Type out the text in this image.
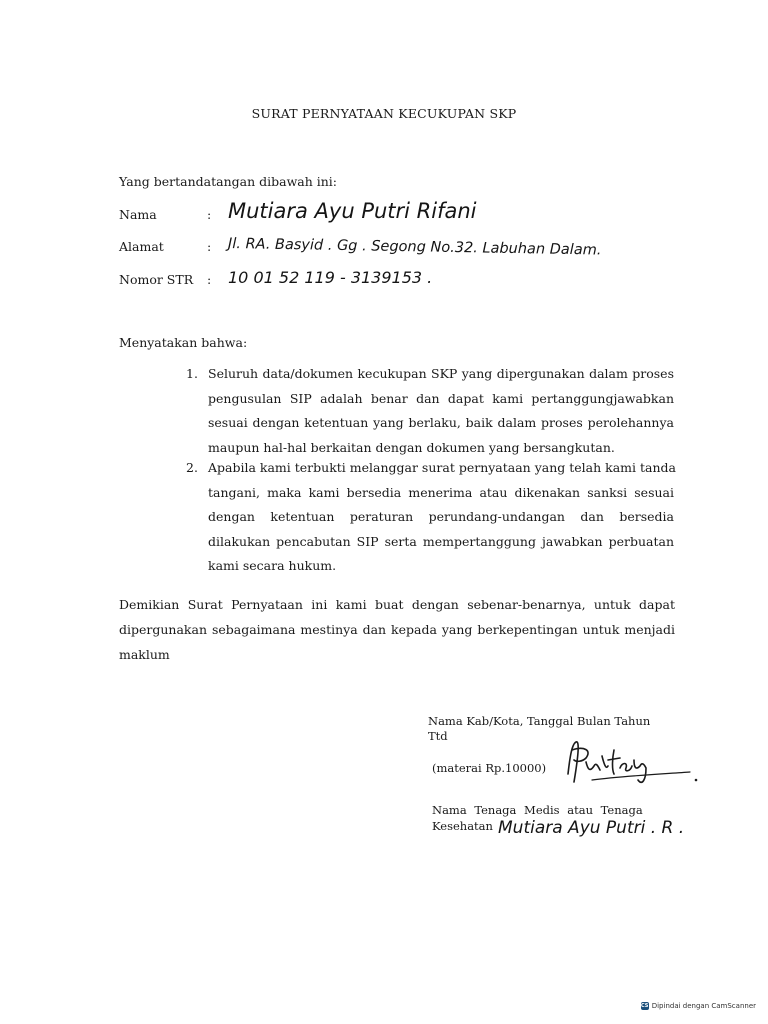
SURAT PERNYATAAN KECUKUPAN SKP
Yang bertandatangan dibawah ini:
Nama	: Mutiara Ayu Putri Rifani
Alamat	: Jl. RA. Basyid . Gg . Segong No.32. Labuhan Dalam.
Nomor STR : 10 01 52 119 - 3139153 .
Menyatakan bahwa:
1. Seluruh data/dokumen kecukupan SKP yang dipergunakan dalam proses
pengusulan SIP adalah benar dan dapat kami pertanggungjawabkan
sesuai dengan ketentuan yang berlaku, baik dalam proses perolehannya
maupun hal-hal berkaitan dengan dokumen yang bersangkutan.
2. Apabila kami terbukti melanggar surat pernyataan yang telah kami tanda
tangani, maka kami bersedia menerima atau dikenakan sanksi sesuai
dengan ketentuan peraturan perundang-undangan dan bersedia
dilakukan pencabutan SIP serta mempertanggung jawabkan perbuatan
kami secara hukum.
Demikian Surat Pernyataan ini kami buat dengan sebenar-benarnya, untuk dapat
dipergunakan sebagaimana mestinya dan kepada yang berkepentingan untuk menjadi
maklum
Nama Kab/Kota, Tanggal Bulan Tahun
Ttd
(materai Rp.10000)
Nama Tenaga Medis atau Tenaga
Kesehatan Mutiara Ayu Putri . R .
CS Dipindai dengan CamScanner
